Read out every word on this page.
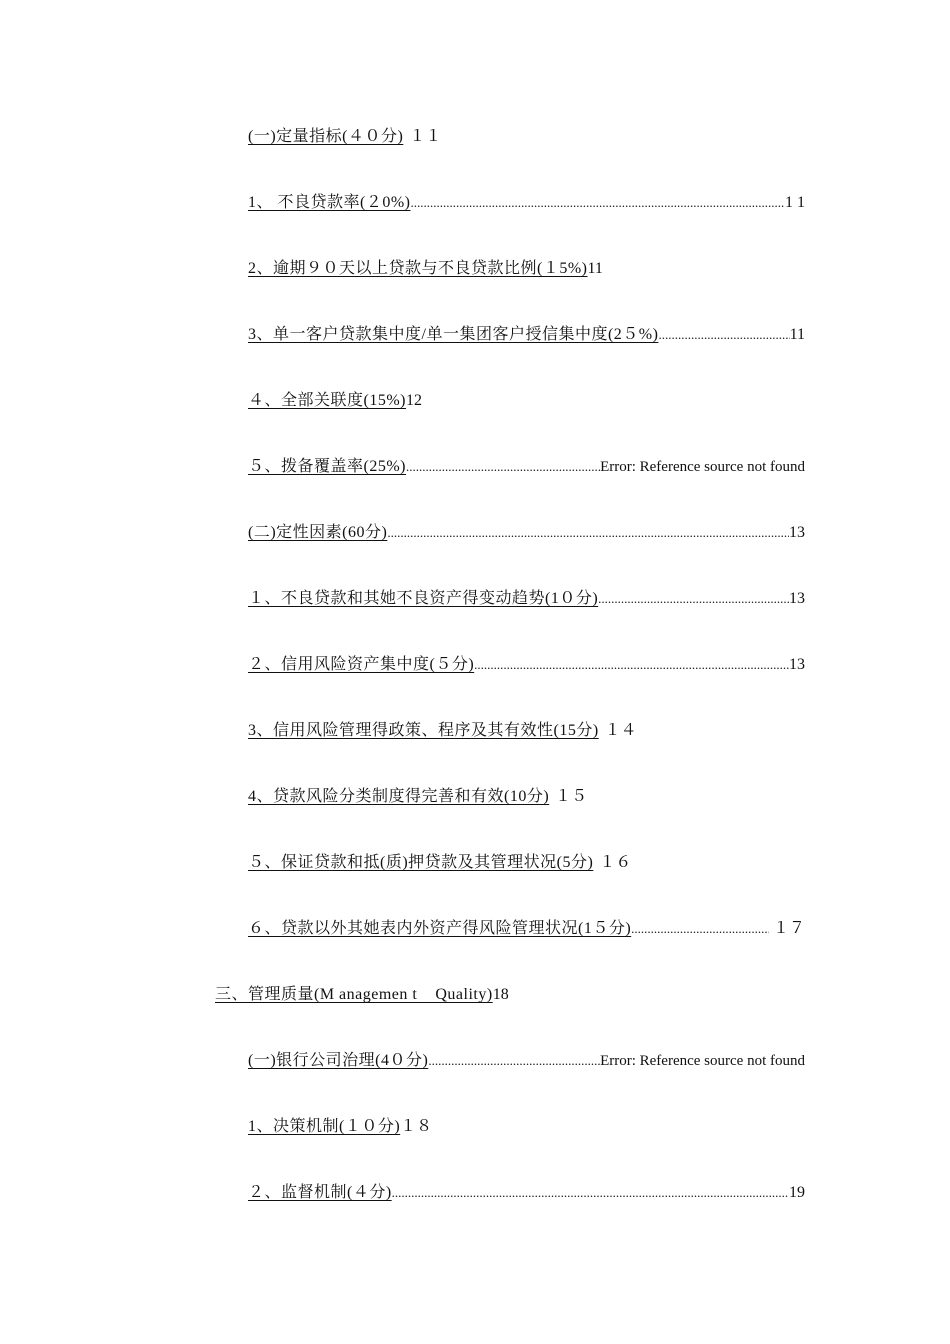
(一)定量指标(４０分) １１
1、 不良贷款率(２0%) .....	1 1
2、逾期９０天以上贷款与不良贷款比例(１5%) 11
3、单一客户贷款集中度/单一集团客户授信集中度(2５%) .....	11
４、全部关联度(15%) 12
５、拨备覆盖率(25%) .....	Error: Reference source not found
(二)定性因素(60分) .....	13
１、不良贷款和其她不良资产得变动趋势(1０分) .....	13
２、信用风险资产集中度(５分) .....	13
3、信用风险管理得政策、程序及其有效性(15分) １４
4、贷款风险分类制度得完善和有效(10分) １５
５、保证贷款和抵(质)押贷款及其管理状况(5分) １６
６、贷款以外其她表内外资产得风险管理状况(1５分) .....	１７
三、管理质量(M anagemen t    Quality) 18
(一)银行公司治理(4０分) .....	Error: Reference source not found
1、决策机制(１０分) １８
２、监督机制(４分) .....	19
